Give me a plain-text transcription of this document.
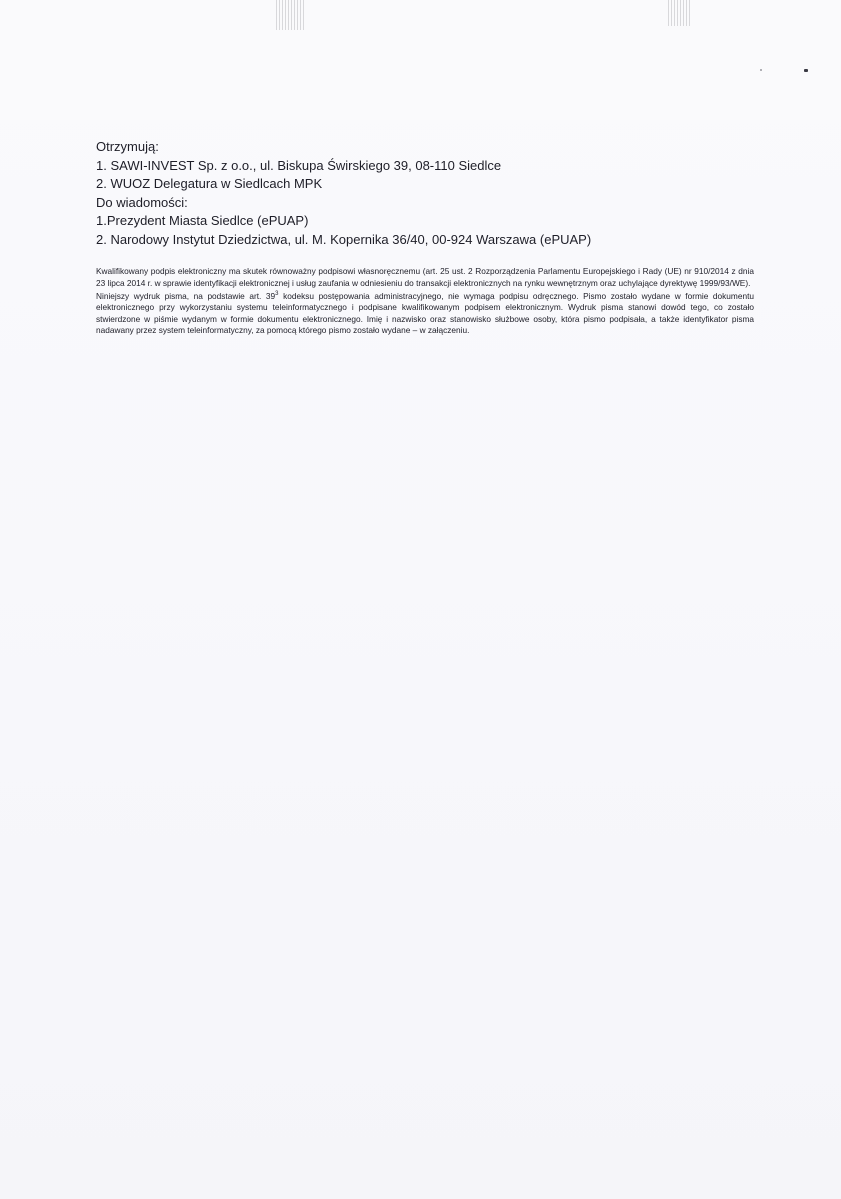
Otrzymują:
1. SAWI-INVEST Sp. z o.o., ul. Biskupa Świrskiego 39, 08-110 Siedlce
2. WUOZ Delegatura w Siedlcach MPK
Do wiadomości:
1.Prezydent Miasta Siedlce (ePUAP)
2. Narodowy Instytut Dziedzictwa, ul. M. Kopernika 36/40, 00-924 Warszawa (ePUAP)

Kwalifikowany podpis elektroniczny ma skutek równoważny podpisowi własnoręcznemu (art. 25 ust. 2 Rozporządzenia Parlamentu Europejskiego i Rady (UE) nr 910/2014 z dnia 23 lipca 2014 r. w sprawie identyfikacji elektronicznej i usług zaufania w odniesieniu do transakcji elektronicznych na rynku wewnętrznym oraz uchylające dyrektywę 1999/93/WE).

Niniejszy wydruk pisma, na podstawie art. $39^3$ kodeksu postępowania administracyjnego, nie wymaga podpisu odręcznego. Pismo zostało wydane w formie dokumentu elektronicznego przy wykorzystaniu systemu teleinformatycznego i podpisane kwalifikowanym podpisem elektronicznym. Wydruk pisma stanowi dowód tego, co zostało stwierdzone w piśmie wydanym w formie dokumentu elektronicznego. Imię i nazwisko oraz stanowisko służbowe osoby, która pismo podpisała, a także identyfikator pisma nadawany przez system teleinformatyczny, za pomocą którego pismo zostało wydane – w załączeniu.
